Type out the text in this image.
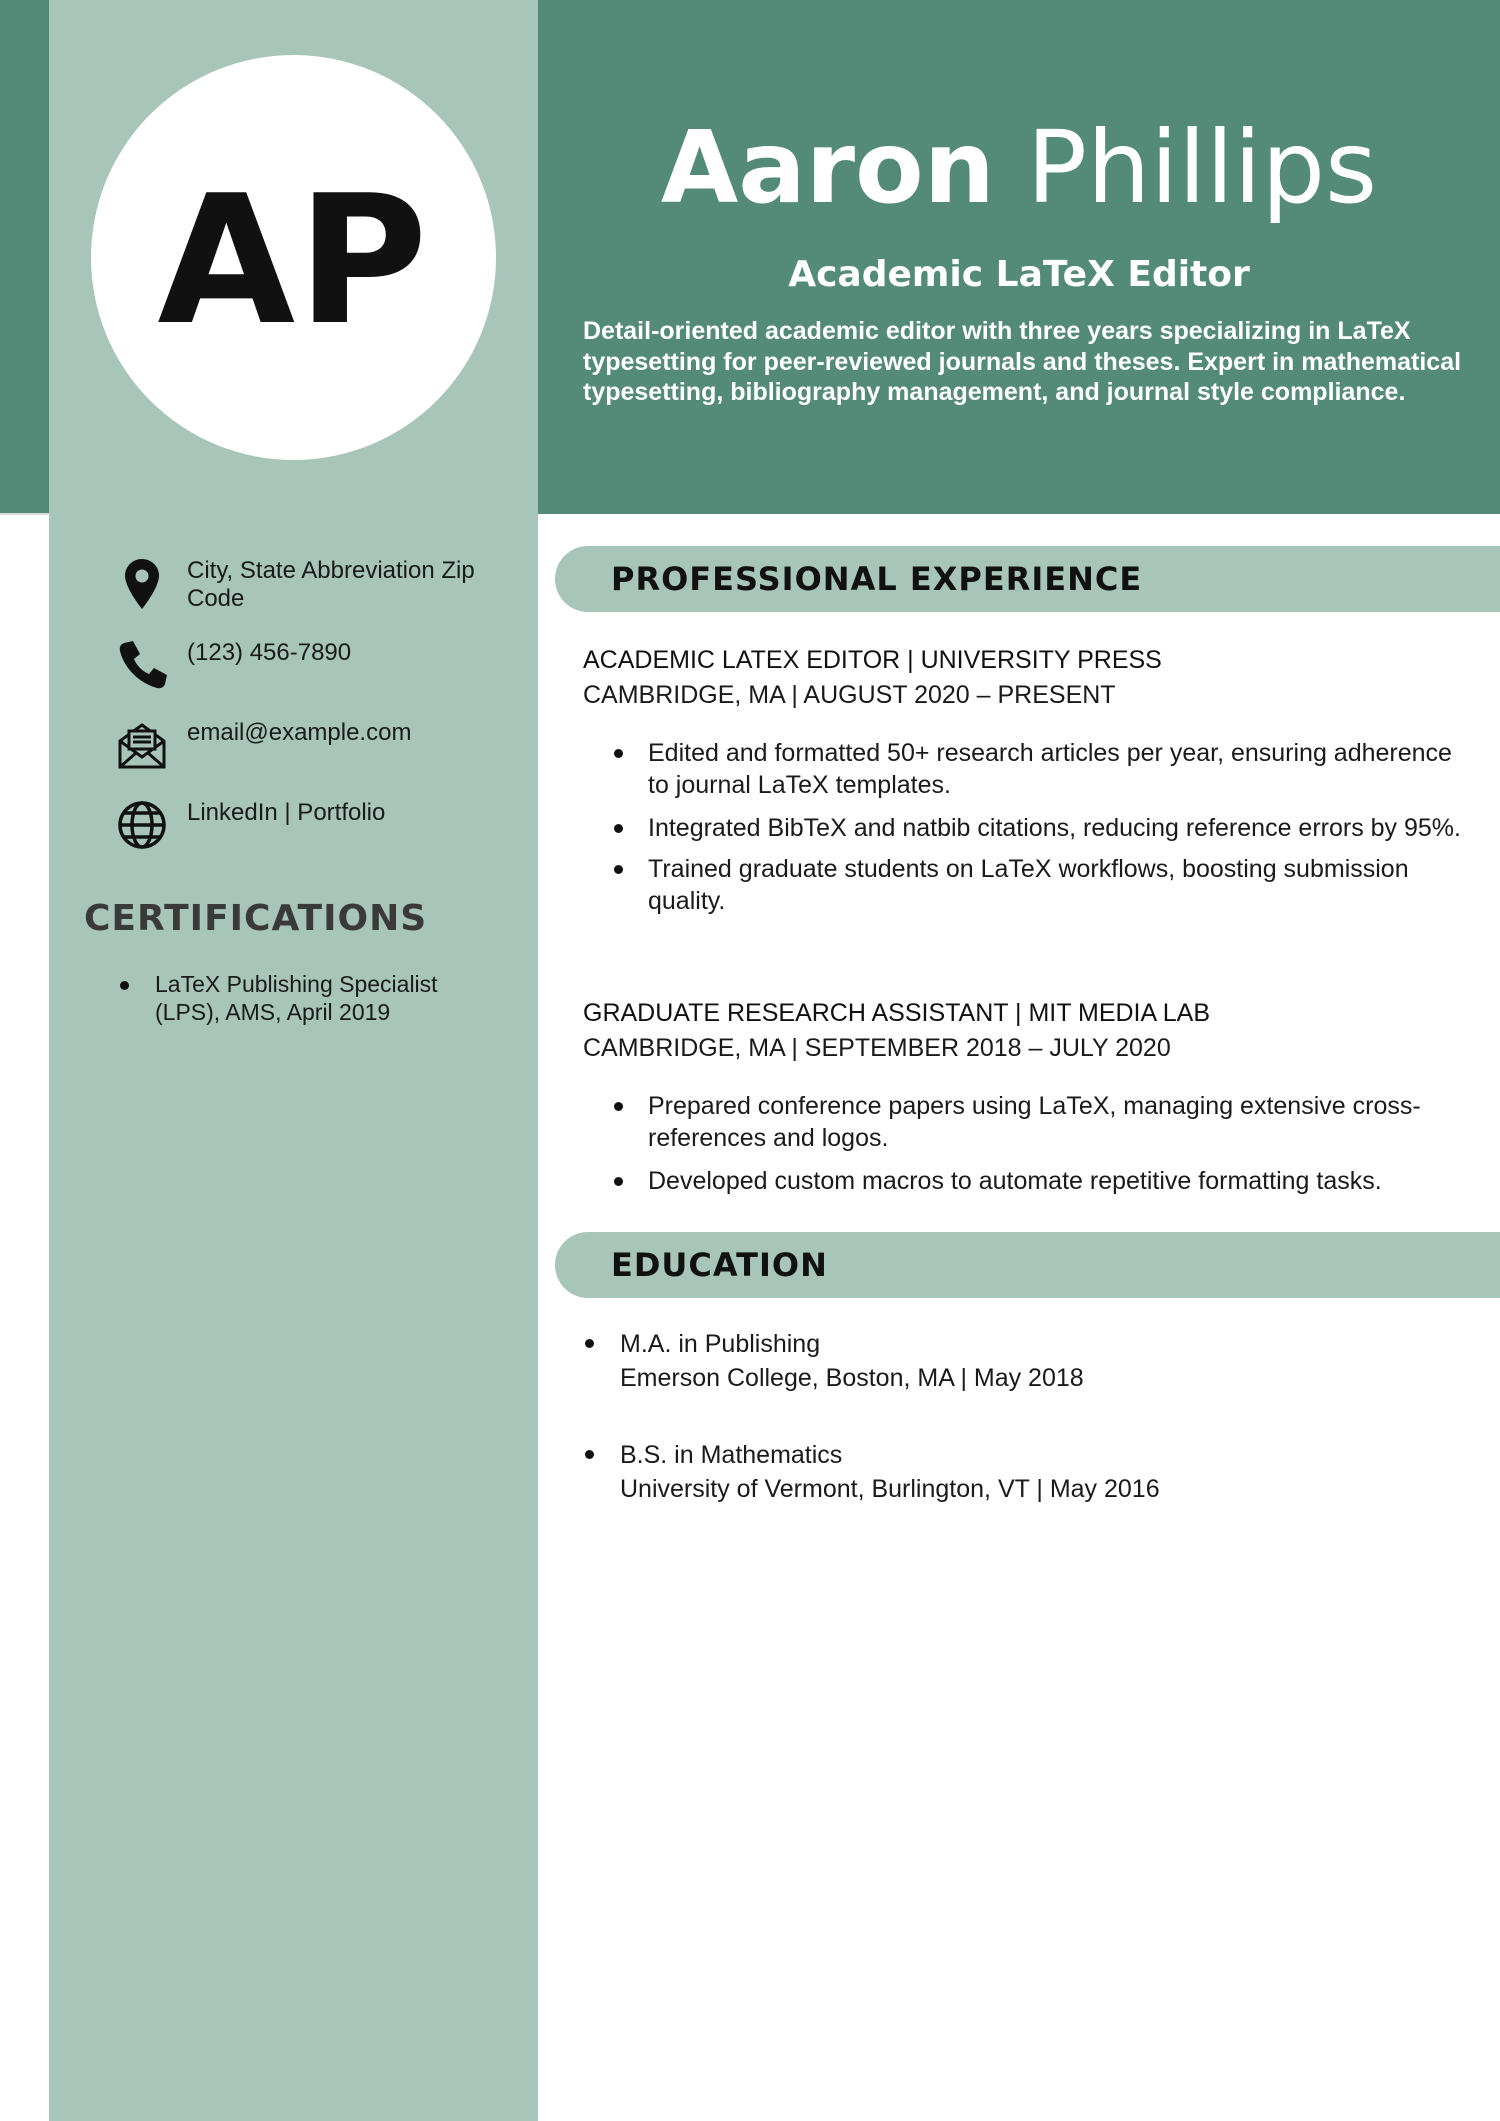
AP	Aaron Phillips
Academic LaTeX Editor
Detail-oriented academic editor with three years specializing in LaTeX typesetting for peer-reviewed journals and theses. Expert in mathematical typesetting, bibliography management, and journal style compliance.
City, State Abbreviation Zip Code
(123) 456-7890
email@example.com
LinkedIn | Portfolio
CERTIFICATIONS
LaTeX Publishing Specialist (LPS), AMS, April 2019
PROFESSIONAL EXPERIENCE
ACADEMIC LATEX EDITOR | UNIVERSITY PRESS
CAMBRIDGE, MA | AUGUST 2020 – PRESENT
Edited and formatted 50+ research articles per year, ensuring adherence to journal LaTeX templates.
Integrated BibTeX and natbib citations, reducing reference errors by 95%.
Trained graduate students on LaTeX workflows, boosting submission quality.
GRADUATE RESEARCH ASSISTANT | MIT MEDIA LAB
CAMBRIDGE, MA | SEPTEMBER 2018 – JULY 2020
Prepared conference papers using LaTeX, managing extensive cross-references and logos.
Developed custom macros to automate repetitive formatting tasks.
EDUCATION
M.A. in Publishing
Emerson College, Boston, MA | May 2018
B.S. in Mathematics
University of Vermont, Burlington, VT | May 2016
